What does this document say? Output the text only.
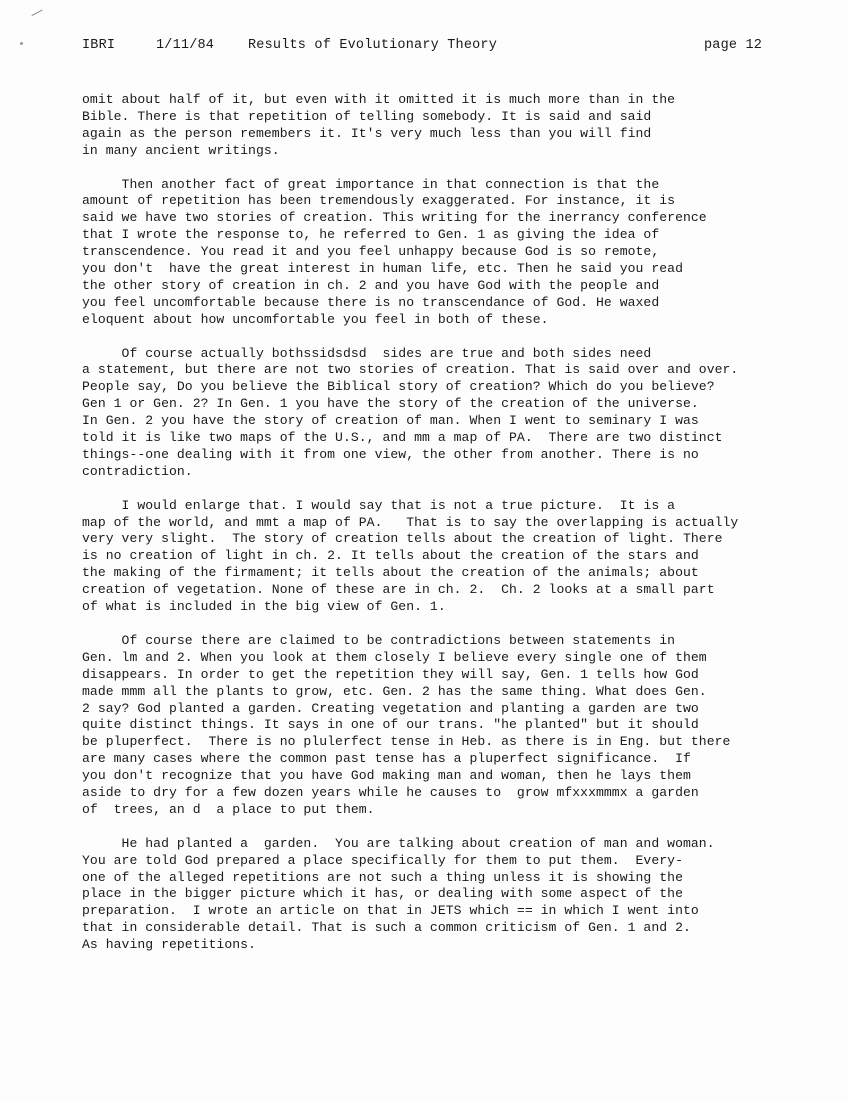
IBRI	1/11/84	Results of Evolutionary Theory	page 12
omit about half of it, but even with it omitted it is much more than in the
Bible. There is that repetition of telling somebody. It is said and said
again as the person remembers it. It's very much less than you will find
in many ancient writings.
Then another fact of great importance in that connection is that the
amount of repetition has been tremendously exaggerated. For instance, it is
said we have two stories of creation. This writing for the inerrancy conference
that I wrote the response to, he referred to Gen. 1 as giving the idea of
transcendence. You read it and you feel unhappy because God is so remote,
you don't  have the great interest in human life, etc. Then he said you read
the other story of creation in ch. 2 and you have God with the people and
you feel uncomfortable because there is no transcendance of God. He waxed
eloquent about how uncomfortable you feel in both of these.
Of course actually bothssidsdsd  sides are true and both sides need
a statement, but there are not two stories of creation. That is said over and over.
People say, Do you believe the Biblical story of creation? Which do you believe?
Gen 1 or Gen. 2? In Gen. 1 you have the story of the creation of the universe.
In Gen. 2 you have the story of creation of man. When I went to seminary I was
told it is like two maps of the U.S., and mm a map of PA.  There are two distinct
things--one dealing with it from one view, the other from another. There is no
contradiction.
I would enlarge that. I would say that is not a true picture.  It is a
map of the world, and mmt a map of PA.   That is to say the overlapping is actually
very very slight.  The story of creation tells about the creation of light. There
is no creation of light in ch. 2. It tells about the creation of the stars and
the making of the firmament; it tells about the creation of the animals; about
creation of vegetation. None of these are in ch. 2.  Ch. 2 looks at a small part
of what is included in the big view of Gen. 1.
Of course there are claimed to be contradictions between statements in
Gen. lm and 2. When you look at them closely I believe every single one of them
disappears. In order to get the repetition they will say, Gen. 1 tells how God
made mmm all the plants to grow, etc. Gen. 2 has the same thing. What does Gen.
2 say? God planted a garden. Creating vegetation and planting a garden are two
quite distinct things. It says in one of our trans. "he planted" but it should
be pluperfect.  There is no plulerfect tense in Heb. as there is in Eng. but there
are many cases where the common past tense has a pluperfect significance.  If
you don't recognize that you have God making man and woman, then he lays them
aside to dry for a few dozen years while he causes to  grow mfxxxmmmx a garden
of  trees, an d  a place to put them.
He had planted a  garden.  You are talking about creation of man and woman.
You are told God prepared a place specifically for them to put them.  Every-
one of the alleged repetitions are not such a thing unless it is showing the
place in the bigger picture which it has, or dealing with some aspect of the
preparation.  I wrote an article on that in JETS which == in which I went into
that in considerable detail. That is such a common criticism of Gen. 1 and 2.
As having repetitions.
